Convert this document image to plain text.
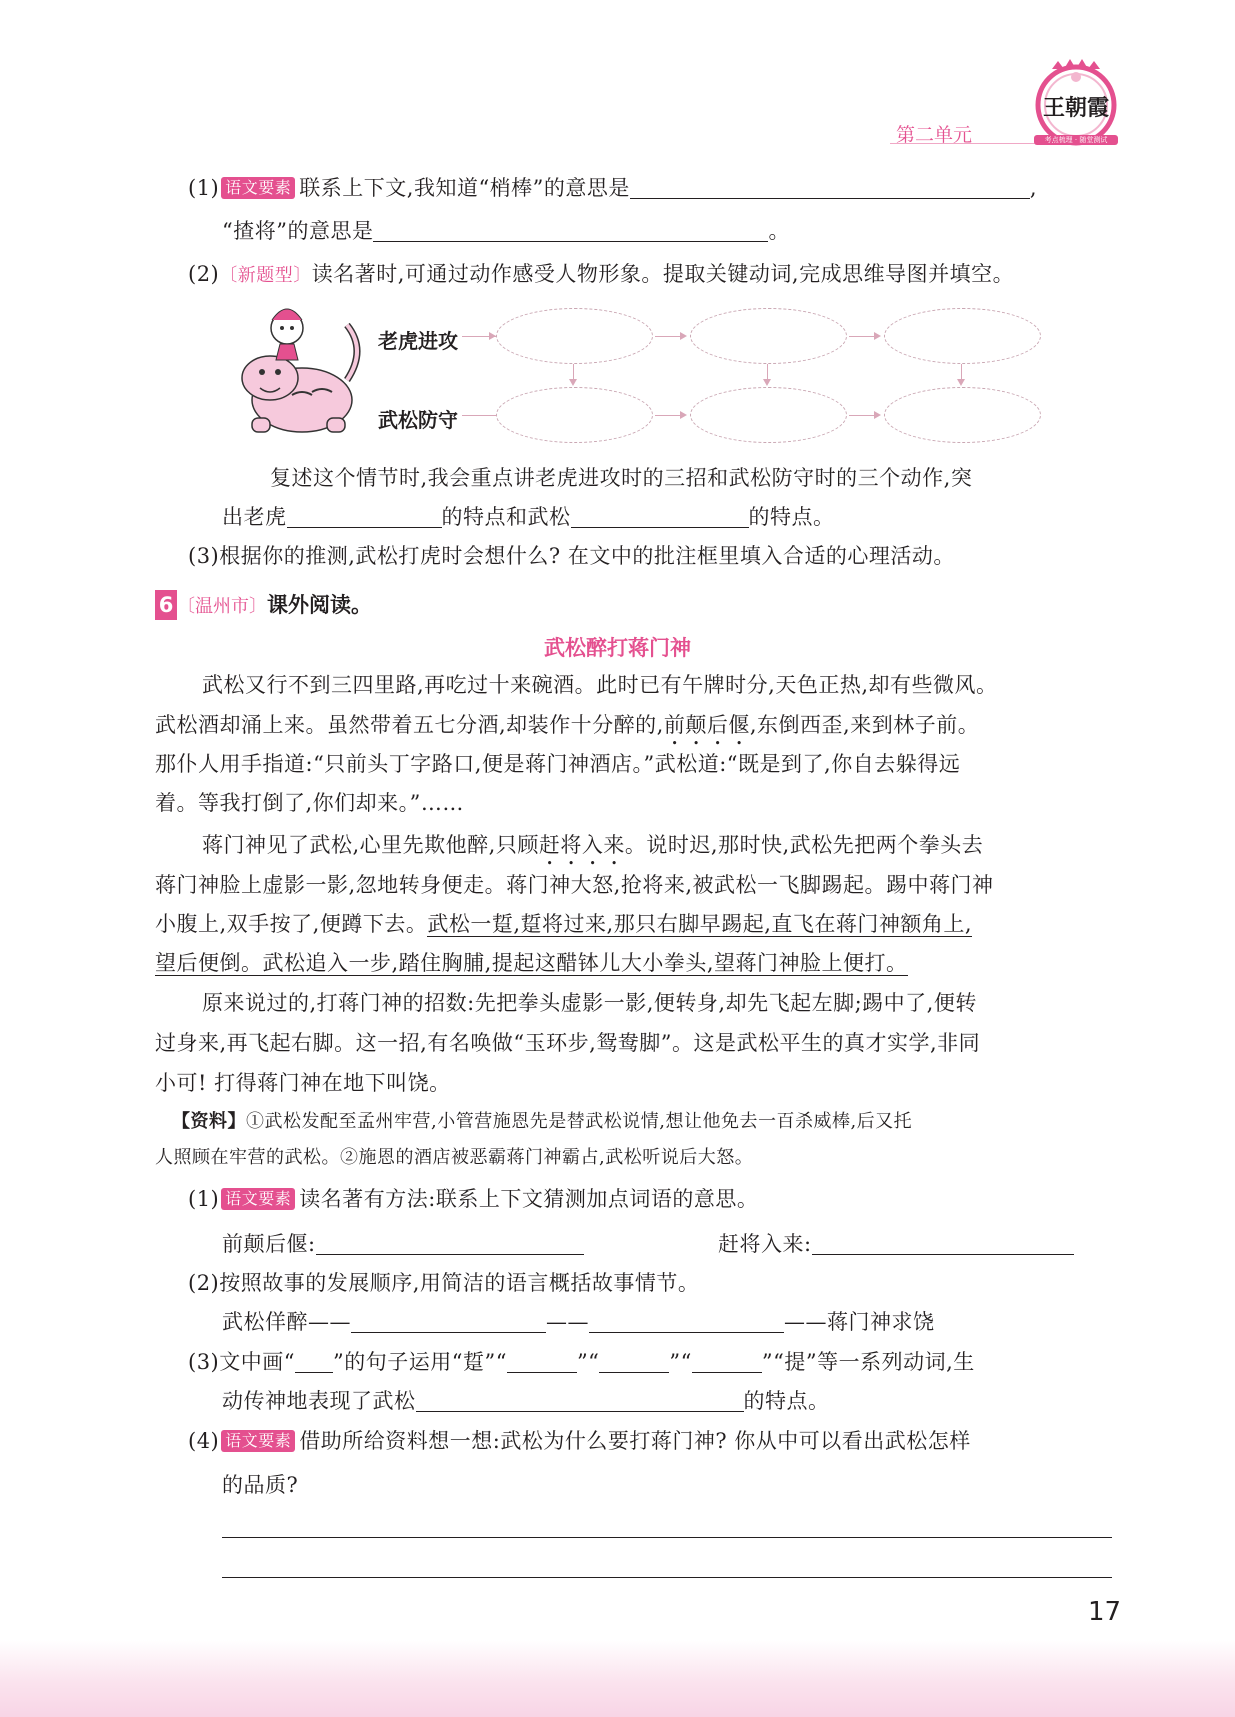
第二单元
王朝霞
考点梳理 · 随堂测试
(1) 语文要素 联系上下文,我知道“梢棒”的意思是	,
“揸将”的意思是	。
(2)〔新题型〕读名著时,可通过动作感受人物形象。提取关键动词,完成思维导图并填空。
老虎进攻
武松防守
复述这个情节时,我会重点讲老虎进攻时的三招和武松防守时的三个动作,突
出老虎	的特点和武松	的特点。
(3)根据你的推测,武松打虎时会想什么? 在文中的批注框里填入合适的心理活动。
6 〔温州市〕课外阅读。
武松醉打蒋门神
武松又行不到三四里路,再吃过十来碗酒。此时已有午牌时分,天色正热,却有些微风。
武松酒却涌上来。虽然带着五七分酒,却装作十分醉的,前颠后偃,东倒西歪,来到林子前。
那仆人用手指道:“只前头丁字路口,便是蒋门神酒店。”武松道:“既是到了,你自去躲得远
着。等我打倒了,你们却来。”……
蒋门神见了武松,心里先欺他醉,只顾赶将入来。说时迟,那时快,武松先把两个拳头去
蒋门神脸上虚影一影,忽地转身便走。蒋门神大怒,抢将来,被武松一飞脚踢起。踢中蒋门神
小腹上,双手按了,便蹲下去。武松一踅,踅将过来,那只右脚早踢起,直飞在蒋门神额角上,
望后便倒。武松追入一步,踏住胸脯,提起这醋钵儿大小拳头,望蒋门神脸上便打。
原来说过的,打蒋门神的招数:先把拳头虚影一影,便转身,却先飞起左脚;踢中了,便转
过身来,再飞起右脚。这一招,有名唤做“玉环步,鸳鸯脚”。这是武松平生的真才实学,非同
小可! 打得蒋门神在地下叫饶。
【资料】①武松发配至孟州牢营,小管营施恩先是替武松说情,想让他免去一百杀威棒,后又托
人照顾在牢营的武松。②施恩的酒店被恶霸蒋门神霸占,武松听说后大怒。
(1) 语文要素 读名著有方法:联系上下文猜测加点词语的意思。
前颠后偃:	赶将入来:
(2)按照故事的发展顺序,用简洁的语言概括故事情节。
武松佯醉——	——	——蒋门神求饶
(3)文中画“ ”的句子运用“踅”“	”“	”“	”“提”等一系列动词,生
动传神地表现了武松	的特点。
(4) 语文要素 借助所给资料想一想:武松为什么要打蒋门神? 你从中可以看出武松怎样
的品质?
17
